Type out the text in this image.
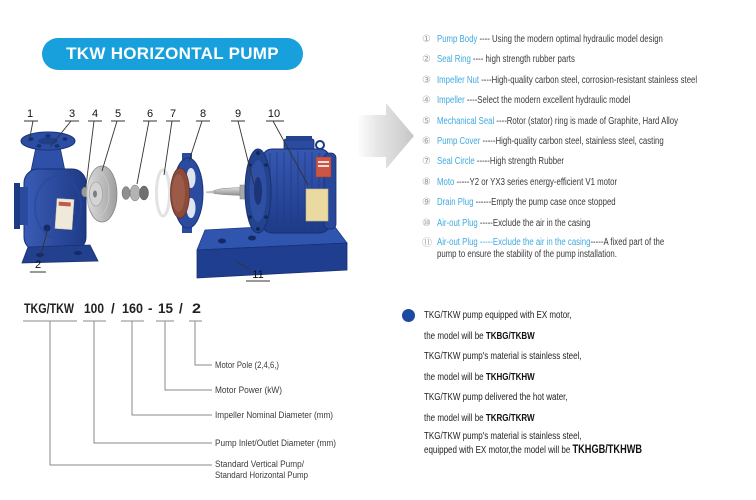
TKW HORIZONTAL PUMP
1	3 4 5 6 7 8	9 10
2
11
① Pump Body ---- Using the modern optimal hydraulic model design
② Seal Ring ---- high strength rubber parts
③ Impeller Nut ----High-quality carbon steel, corrosion-resistant stainless steel
④ Impeller ----Select the modern excellent hydraulic model
⑤ Mechanical Seal ----Rotor (stator) ring is made of Graphite, Hard Alloy
⑥ Pump Cover -----High-quality carbon steel, stainless steel, casting
⑦ Seal Circle -----High strength Rubber
⑧ Moto -----Y2 or YX3 series energy-efficient V1 motor
⑨ Drain Plug ------Empty the pump case once stopped
⑩ Air-out Plug -----Exclude the air in the casing
⑪ Air-out Plug -----Exclude the air in the casing-----A fixed part of the pump to ensure the stability of the pump installation.

TKG/TKW pump equipped with EX motor,
the model will be TKBG/TKBW

TKG/TKW pump's material is stainless steel,
the model will be TKHG/TKHW

TKG/TKW pump delivered the hot water,
the model will be TKRG/TKRW

TKG/TKW pump's material is stainless steel,
equipped with EX motor,the model will be TKHGB/TKHWB

TKG/TKW 100 / 160 - 15 / 2
Motor Pole (2,4,6,)
Motor Power (kW)
Impeller Nominal Diameter (mm)
Pump Inlet/Outlet Diameter (mm)
Standard Vertical Pump/
Standard Horizontal Pump
